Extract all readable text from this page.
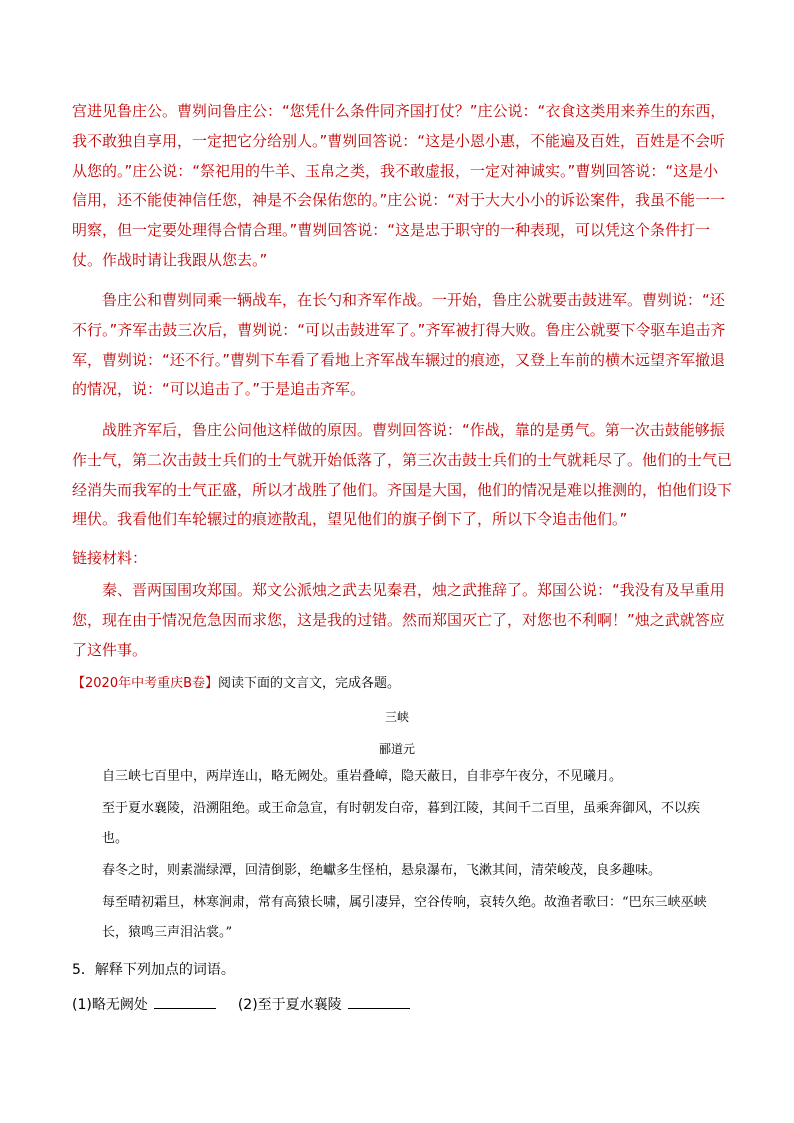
宫进见鲁庄公。曹刿问鲁庄公：“您凭什么条件同齐国打仗？”庄公说：“衣食这类用来养生的东西，我不敢独自享用，一定把它分给别人。”曹刿回答说：“这是小恩小惠，不能遍及百姓，百姓是不会听从您的。”庄公说：“祭祀用的牛羊、玉帛之类，我不敢虚报，一定对神诚实。”曹刿回答说：“这是小信用，还不能使神信任您，神是不会保佑您的。”庄公说：“对于大大小小的诉讼案件，我虽不能一一明察，但一定要处理得合情合理。”曹刿回答说：“这是忠于职守的一种表现，可以凭这个条件打一仗。作战时请让我跟从您去。”

鲁庄公和曹刿同乘一辆战车，在长勺和齐军作战。一开始，鲁庄公就要击鼓进军。曹刿说：“还不行。”齐军击鼓三次后，曹刿说：“可以击鼓进军了。”齐军被打得大败。鲁庄公就要下令驱车追击齐军，曹刿说：“还不行。”曹刿下车看了看地上齐军战车辗过的痕迹，又登上车前的横木远望齐军撤退的情况，说：“可以追击了。”于是追击齐军。

战胜齐军后，鲁庄公问他这样做的原因。曹刿回答说：“作战，靠的是勇气。第一次击鼓能够振作士气，第二次击鼓士兵们的士气就开始低落了，第三次击鼓士兵们的士气就耗尽了。他们的士气已经消失而我军的士气正盛，所以才战胜了他们。齐国是大国，他们的情况是难以推测的，怕他们设下埋伏。我看他们车轮辗过的痕迹散乱，望见他们的旗子倒下了，所以下令追击他们。”

链接材料：

秦、晋两国围攻郑国。郑文公派烛之武去见秦君，烛之武推辞了。郑国公说：“我没有及早重用您，现在由于情况危急因而求您，这是我的过错。然而郑国灭亡了，对您也不利啊！”烛之武就答应了这件事。

【2020年中考重庆B卷】阅读下面的文言文，完成各题。

三峡

郦道元

自三峡七百里中，两岸连山，略无阙处。重岩叠嶂，隐天蔽日，自非亭午夜分，不见曦月。

至于夏水襄陵，沿溯阻绝。或王命急宣，有时朝发白帝，暮到江陵，其间千二百里，虽乘奔御风，不以疾也。

春冬之时，则素湍绿潭，回清倒影，绝巘多生怪柏，悬泉瀑布，飞漱其间，清荣峻茂，良多趣味。

每至晴初霜旦，林寒涧肃，常有高猿长啸，属引凄异，空谷传响，哀转久绝。故渔者歌曰：“巴东三峡巫峡长，猿鸣三声泪沾裳。”

5．解释下列加点的词语。

(1)略无阙处	(2)至于夏水襄陵
